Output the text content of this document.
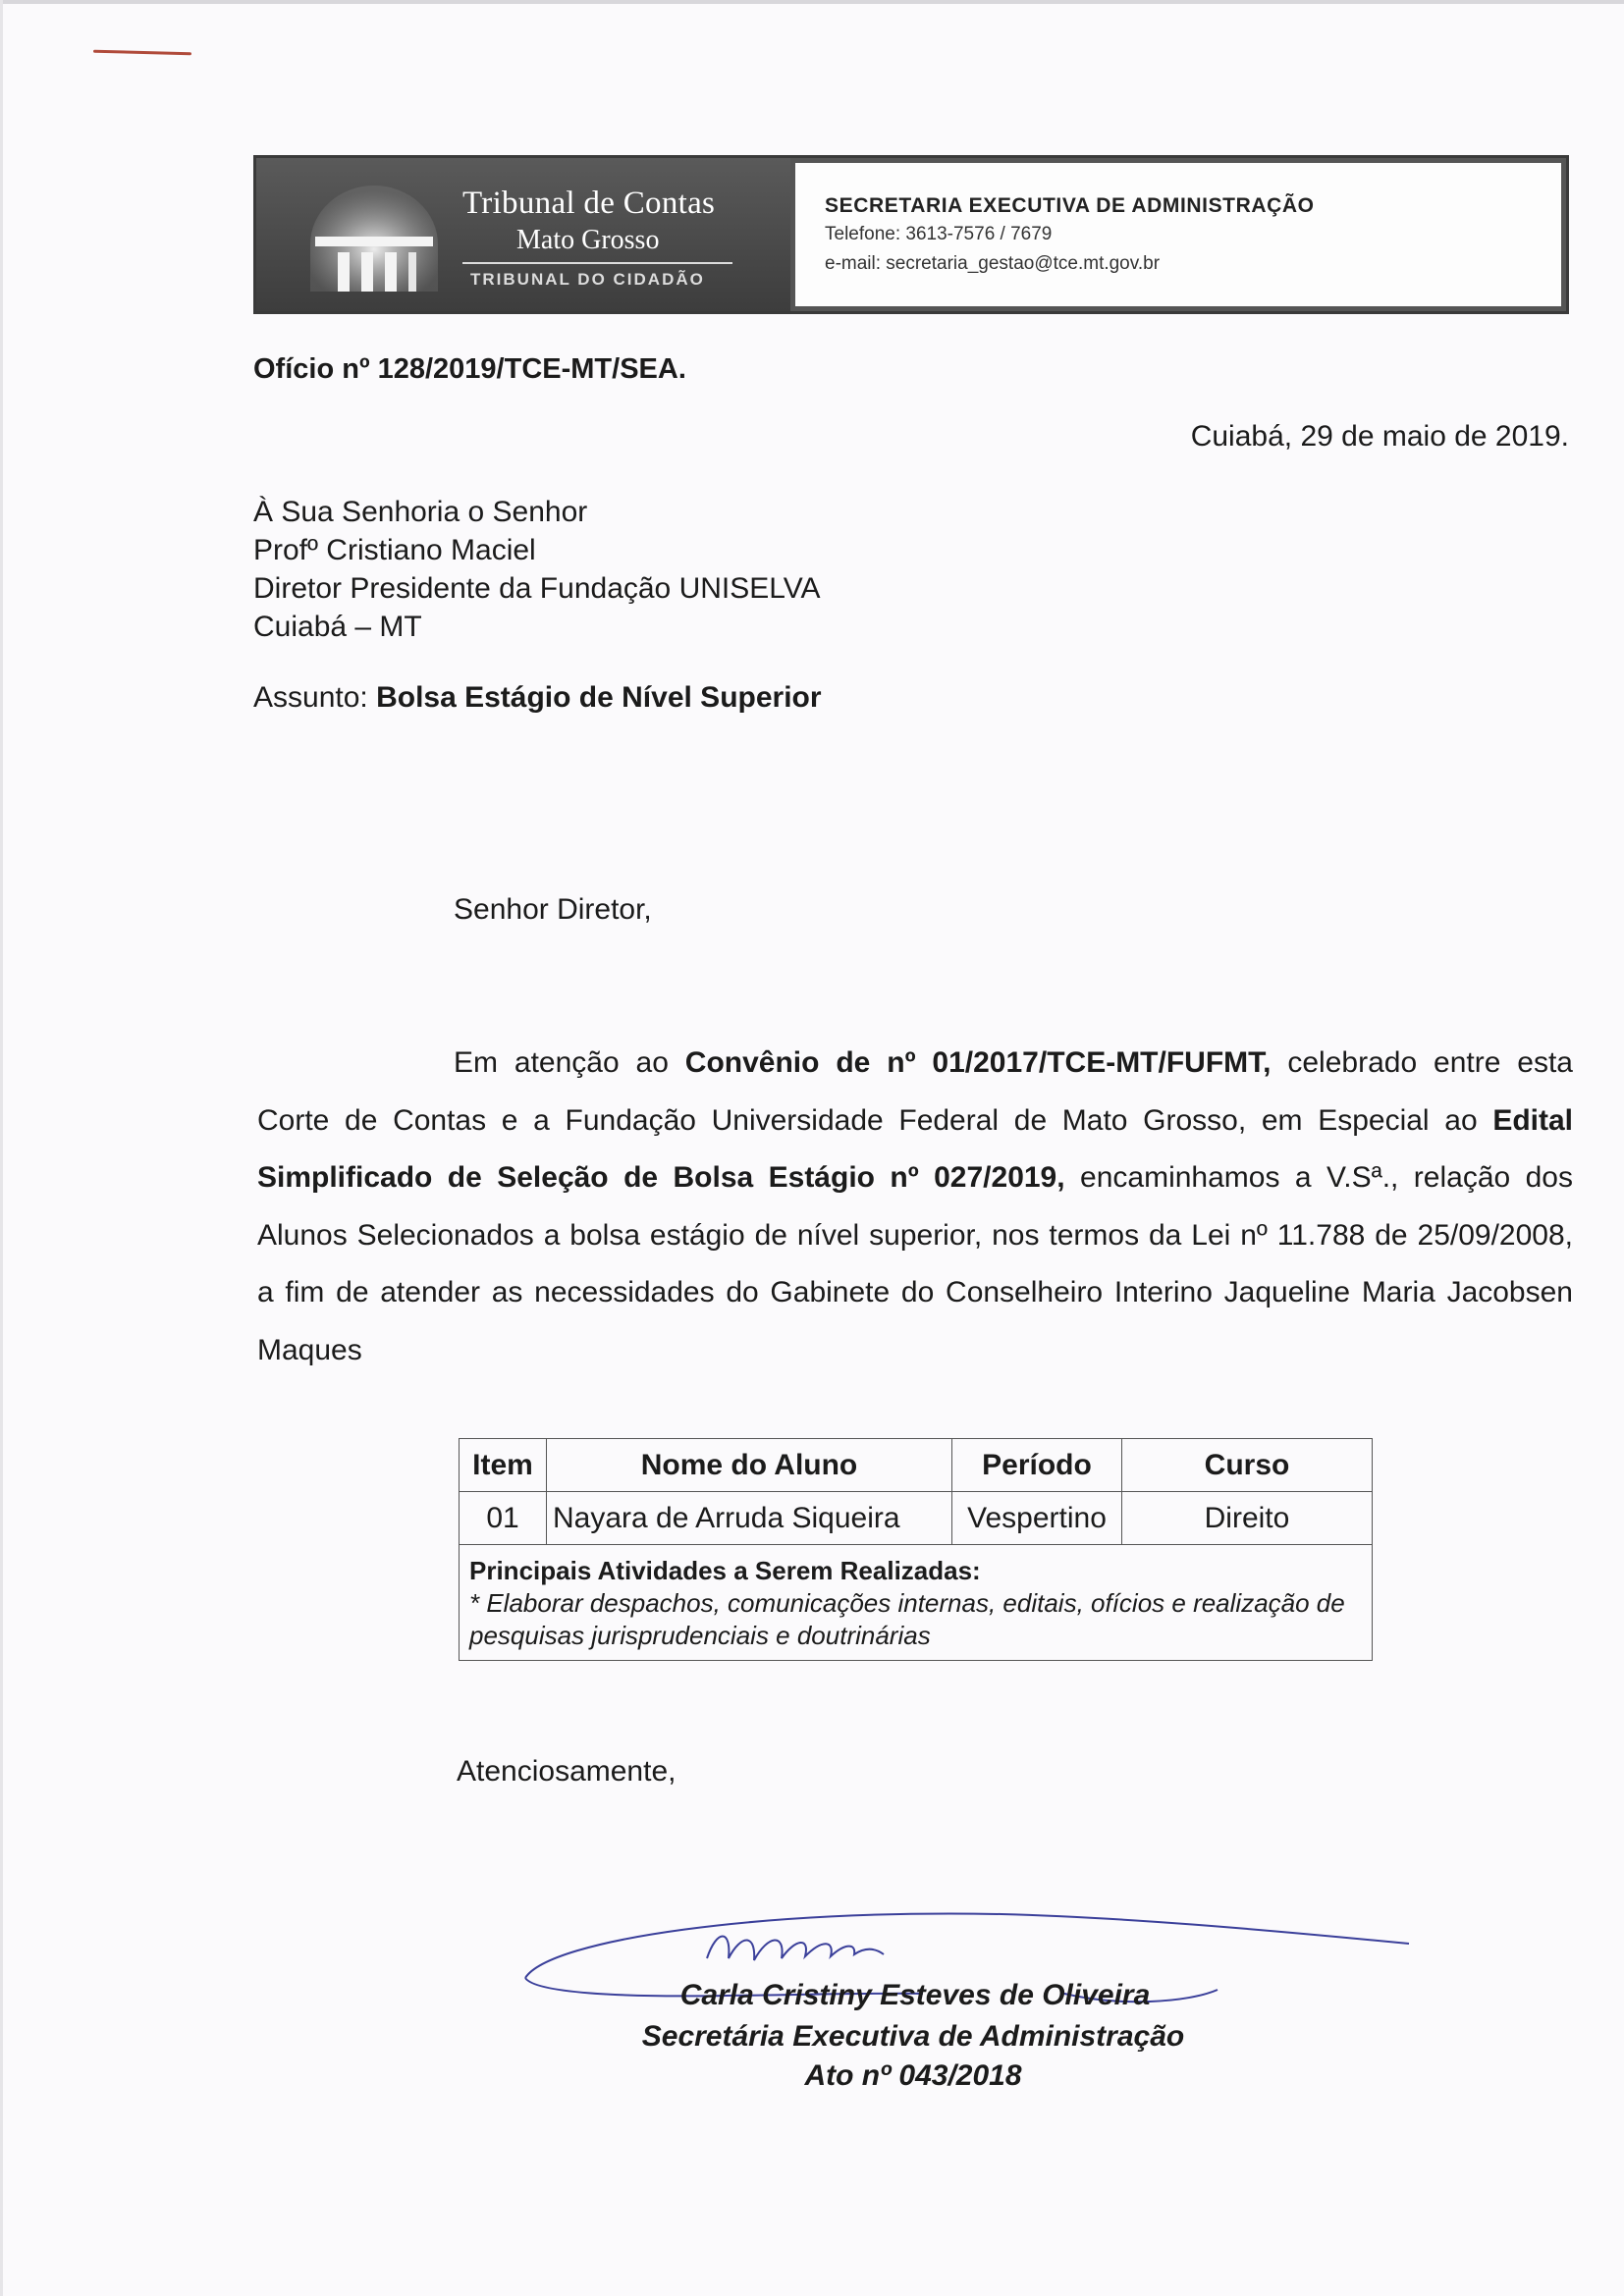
Tribunal de Contas
Mato Grosso
TRIBUNAL DO CIDADÃO
SECRETARIA EXECUTIVA DE ADMINISTRAÇÃO
Telefone: 3613-7576 / 7679
e-mail: secretaria_gestao@tce.mt.gov.br
Ofício nº 128/2019/TCE-MT/SEA.
Cuiabá, 29 de maio de 2019.
À Sua Senhoria o Senhor
Profº Cristiano Maciel
Diretor Presidente da Fundação UNISELVA
Cuiabá – MT
Assunto: Bolsa Estágio de Nível Superior
Senhor Diretor,
Em atenção ao Convênio de nº 01/2017/TCE-MT/FUFMT, celebrado entre esta Corte de Contas e a Fundação Universidade Federal de Mato Grosso, em Especial ao Edital Simplificado de Seleção de Bolsa Estágio nº 027/2019, encaminhamos a V.Sª., relação dos Alunos Selecionados a bolsa estágio de nível superior, nos termos da Lei nº 11.788 de 25/09/2008, a fim de atender as necessidades do Gabinete do Conselheiro Interino Jaqueline Maria Jacobsen Maques
Item	Nome do Aluno	Período	Curso
01	Nayara de Arruda Siqueira	Vespertino	Direito

Principais Atividades a Serem Realizadas:
* Elaborar despachos, comunicações internas, editais, ofícios e realização de pesquisas jurisprudenciais e doutrinárias			
Atenciosamente,
Carla Cristiny Esteves de Oliveira
Secretária Executiva de Administração
Ato nº 043/2018
